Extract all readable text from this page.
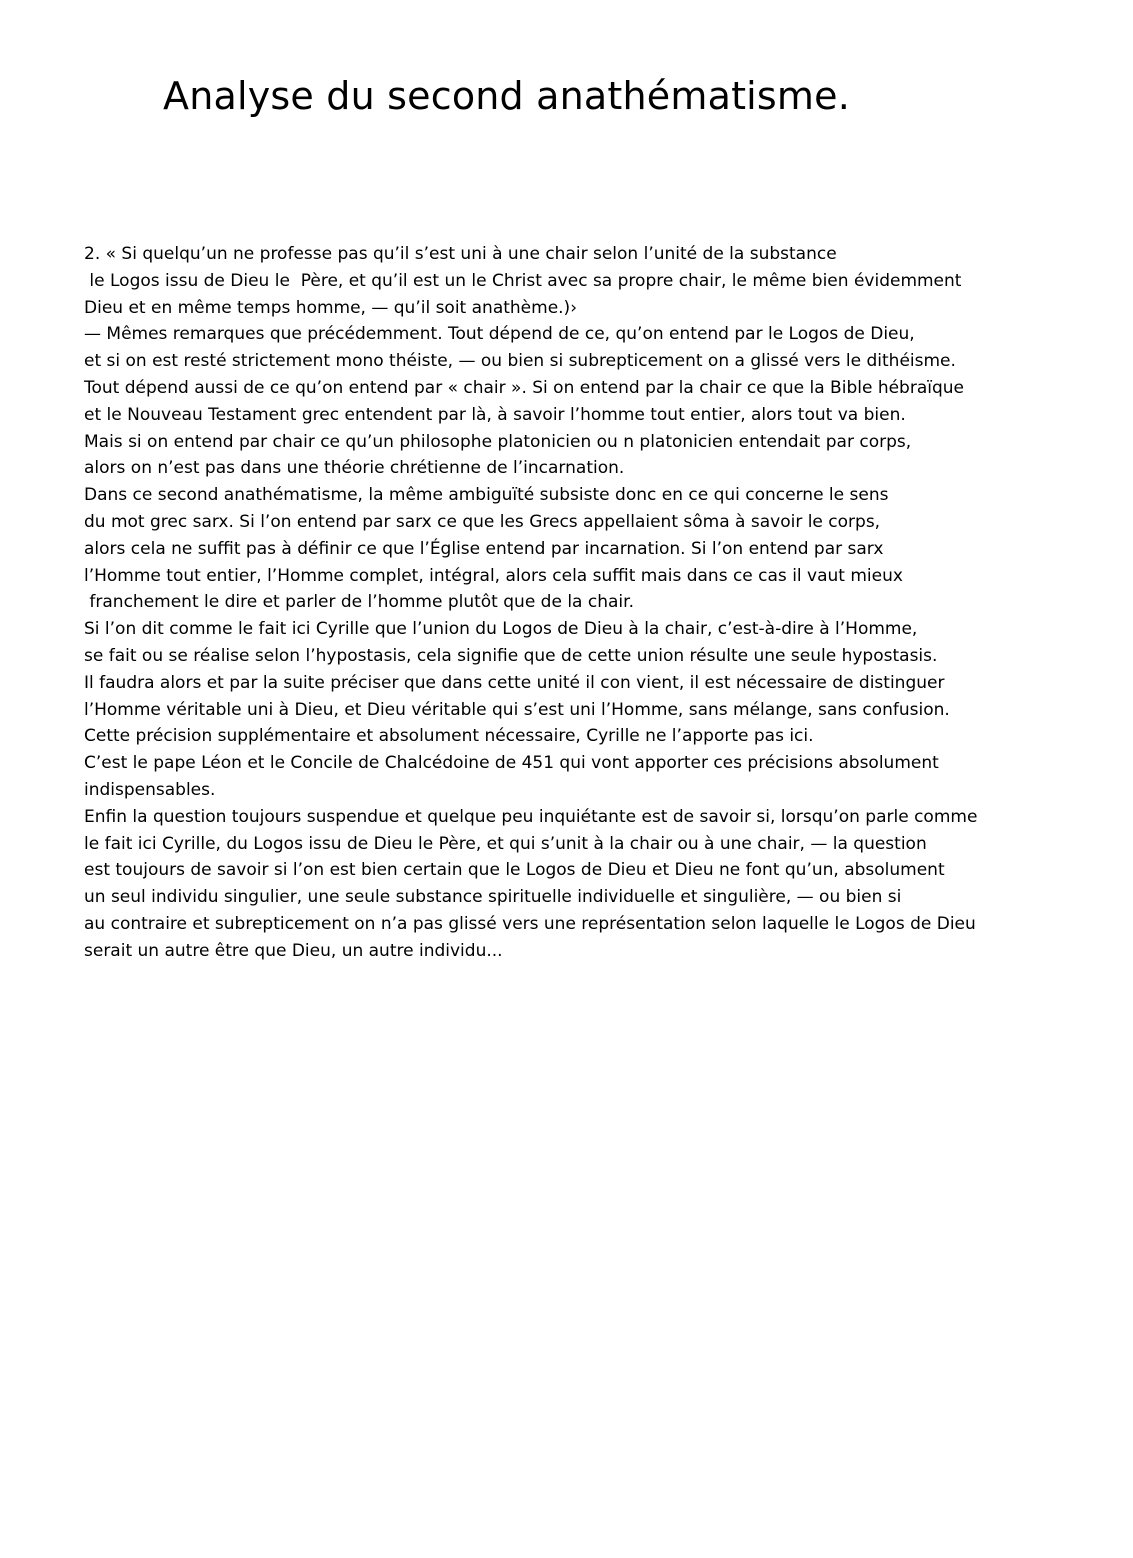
Analyse du second anathématisme.
2. « Si quelqu’un ne professe pas qu’il s’est uni à une chair selon l’unité de la substance
le Logos issu de Dieu le  Père, et qu’il est un le Christ avec sa propre chair, le même bien évidemment
Dieu et en même temps homme, — qu’il soit anathème.)›
— Mêmes remarques que précédemment. Tout dépend de ce, qu’on entend par le Logos de Dieu,
et si on est resté strictement mono théiste, — ou bien si subrepticement on a glissé vers le dithéisme.
Tout dépend aussi de ce qu’on entend par « chair ». Si on entend par la chair ce que la Bible hébraïque
et le Nouveau Testament grec entendent par là, à savoir l’homme tout entier, alors tout va bien.
Mais si on entend par chair ce qu’un philosophe platonicien ou n platonicien entendait par corps,
alors on n’est pas dans une théorie chrétienne de l’incarnation.
Dans ce second anathématisme, la même ambiguïté subsiste donc en ce qui concerne le sens
du mot grec sarx. Si l’on entend par sarx ce que les Grecs appellaient sôma à savoir le corps,
alors cela ne suffit pas à définir ce que l’Église entend par incarnation. Si l’on entend par sarx
l’Homme tout entier, l’Homme complet, intégral, alors cela suffit mais dans ce cas il vaut mieux
franchement le dire et parler de l’homme plutôt que de la chair.
Si l’on dit comme le fait ici Cyrille que l’union du Logos de Dieu à la chair, c’est-à-dire à l’Homme,
se fait ou se réalise selon l’hypostasis, cela signifie que de cette union résulte une seule hypostasis.
Il faudra alors et par la suite préciser que dans cette unité il con vient, il est nécessaire de distinguer
l’Homme véritable uni à Dieu, et Dieu véritable qui s’est uni l’Homme, sans mélange, sans confusion.
Cette précision supplémentaire et absolument nécessaire, Cyrille ne l’apporte pas ici.
C’est le pape Léon et le Concile de Chalcédoine de 451 qui vont apporter ces précisions absolument
indispensables.
Enfin la question toujours suspendue et quelque peu inquiétante est de savoir si, lorsqu’on parle comme
le fait ici Cyrille, du Logos issu de Dieu le Père, et qui s’unit à la chair ou à une chair, — la question
est toujours de savoir si l’on est bien certain que le Logos de Dieu et Dieu ne font qu’un, absolument
un seul individu singulier, une seule substance spirituelle individuelle et singulière, — ou bien si
au contraire et subrepticement on n’a pas glissé vers une représentation selon laquelle le Logos de Dieu
serait un autre être que Dieu, un autre individu...
